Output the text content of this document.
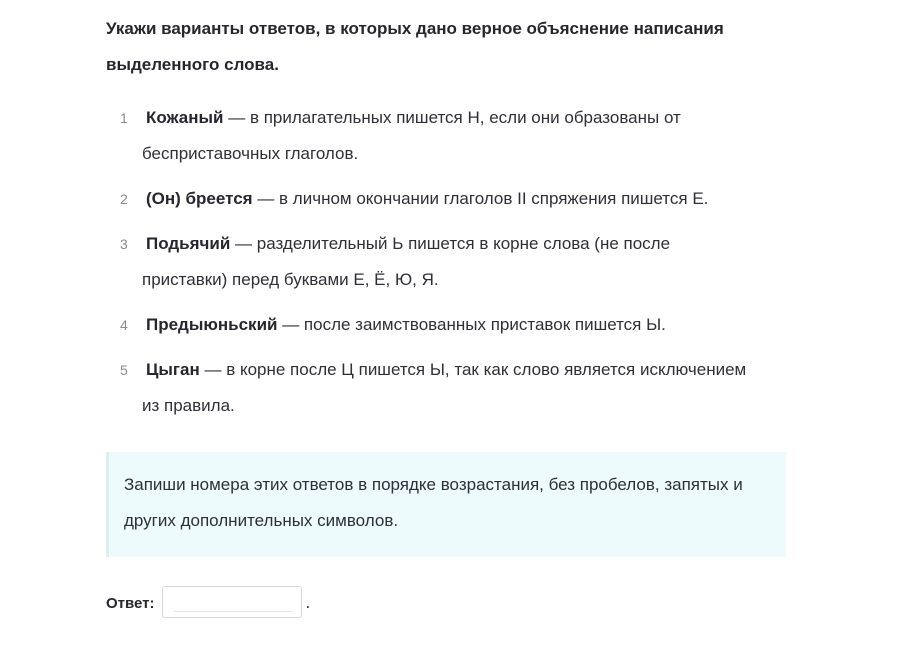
Укажи варианты ответов, в которых дано верное объяснение написания выделенного слова.
1	Кожаный — в прилагательных пишется Н, если они образованы от бесприставочных глаголов.
2	(Он) бреется — в личном окончании глаголов II спряжения пишется Е.
3	Подьячий — разделительный Ь пишется в корне слова (не после приставки) перед буквами Е, Ё, Ю, Я.
4	Предыюньский — после заимствованных приставок пишется Ы.
5	Цыган — в корне после Ц пишется Ы, так как слово является исключением из правила.
Запиши номера этих ответов в порядке возрастания, без пробелов, запятых и других дополнительных символов.
Ответ:	.
